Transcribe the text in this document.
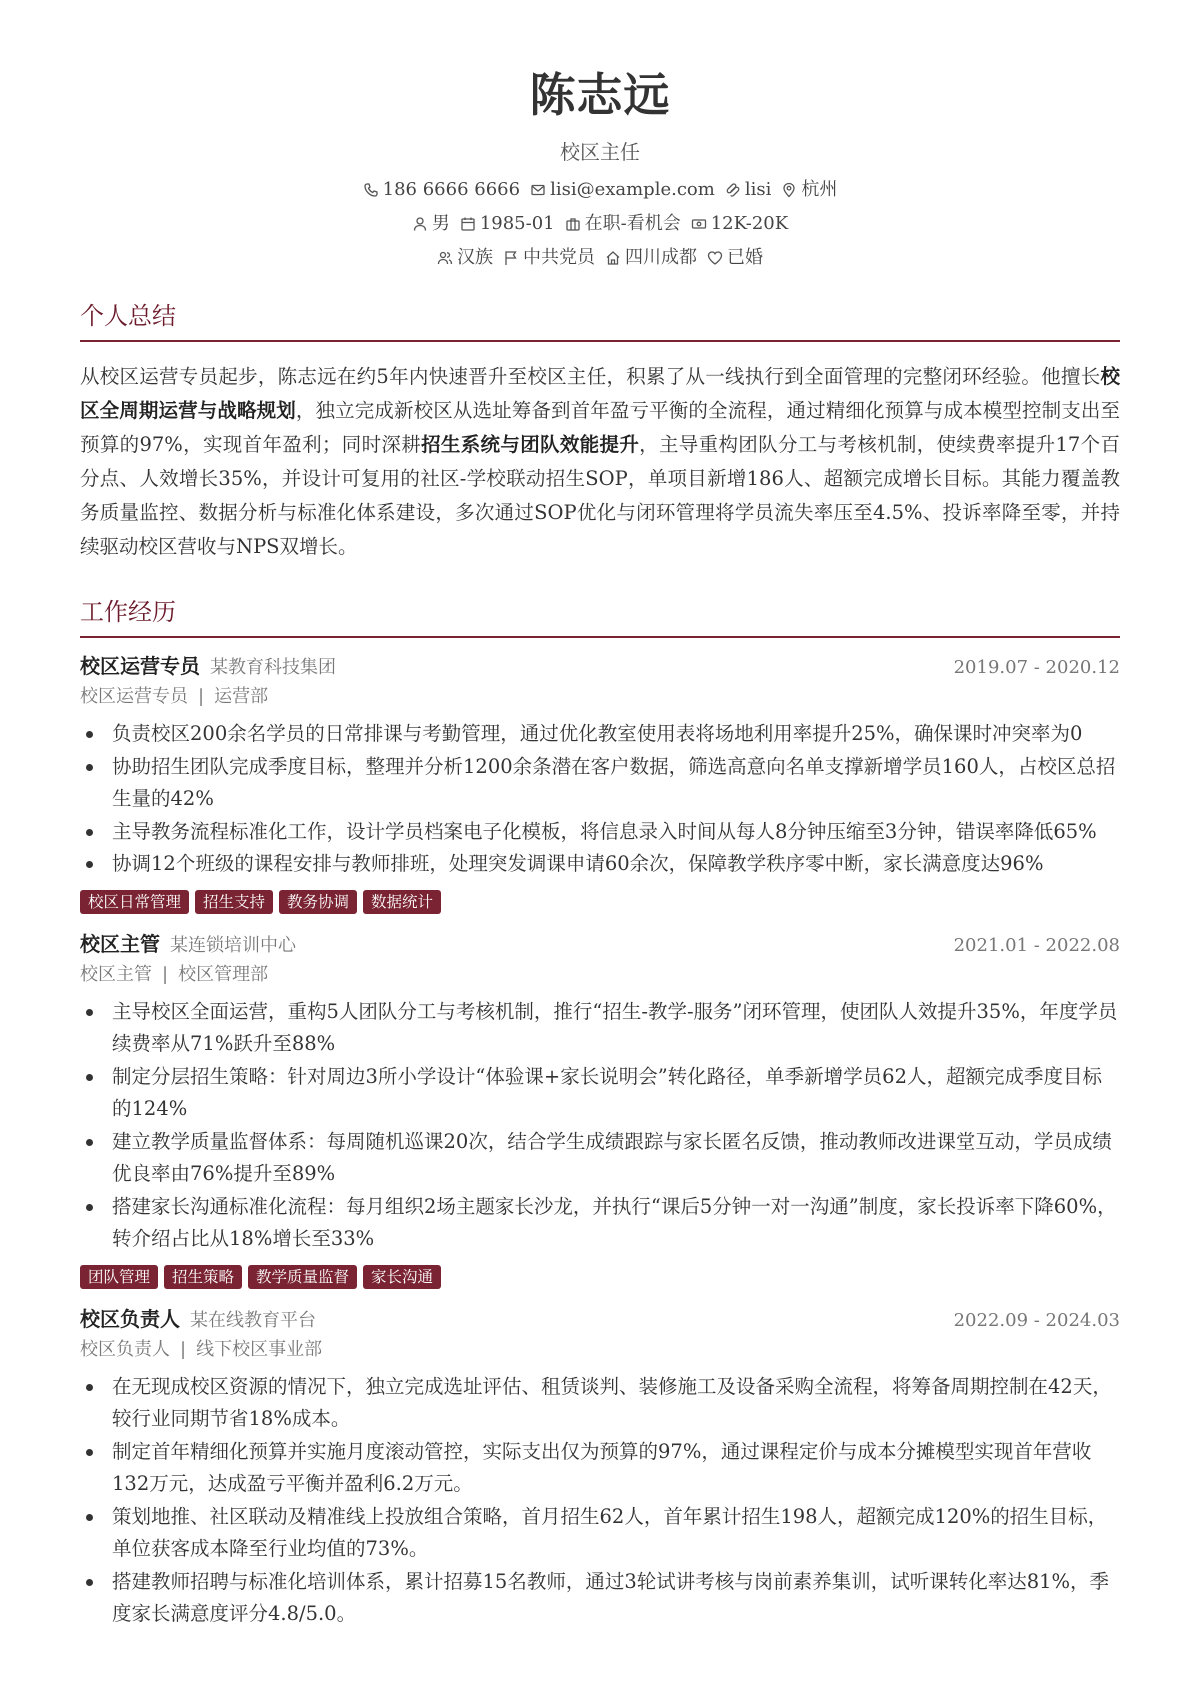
陈志远
校区主任
186 6666 6666 lisi@example.com lisi 杭州
男 1985-01 在职-看机会 12K-20K
汉族 中共党员 四川成都 已婚
个人总结
从校区运营专员起步，陈志远在约5年内快速晋升至校区主任，积累了从一线执行到全面管理的完整闭环经验。他擅长校区全周期运营与战略规划，独立完成新校区从选址筹备到首年盈亏平衡的全流程，通过精细化预算与成本模型控制支出至预算的97%，实现首年盈利；同时深耕招生系统与团队效能提升，主导重构团队分工与考核机制，使续费率提升17个百分点、人效增长35%，并设计可复用的社区-学校联动招生SOP，单项目新增186人、超额完成增长目标。其能力覆盖教务质量监控、数据分析与标准化体系建设，多次通过SOP优化与闭环管理将学员流失率压至4.5%、投诉率降至零，并持续驱动校区营收与NPS双增长。
工作经历
校区运营专员 某教育科技集团	2019.07 - 2020.12
校区运营专员 | 运营部
负责校区200余名学员的日常排课与考勤管理，通过优化教室使用表将场地利用率提升25%，确保课时冲突率为0
协助招生团队完成季度目标，整理并分析1200余条潜在客户数据，筛选高意向名单支撑新增学员160人，占校区总招生量的42%
主导教务流程标准化工作，设计学员档案电子化模板，将信息录入时间从每人8分钟压缩至3分钟，错误率降低65%
协调12个班级的课程安排与教师排班，处理突发调课申请60余次，保障教学秩序零中断，家长满意度达96%
校区日常管理	招生支持	教务协调	数据统计
校区主管 某连锁培训中心	2021.01 - 2022.08
校区主管 | 校区管理部
主导校区全面运营，重构5人团队分工与考核机制，推行“招生-教学-服务”闭环管理，使团队人效提升35%，年度学员续费率从71%跃升至88%
制定分层招生策略：针对周边3所小学设计“体验课+家长说明会”转化路径，单季新增学员62人，超额完成季度目标的124%
建立教学质量监督体系：每周随机巡课20次，结合学生成绩跟踪与家长匿名反馈，推动教师改进课堂互动，学员成绩优良率由76%提升至89%
搭建家长沟通标准化流程：每月组织2场主题家长沙龙，并执行“课后5分钟一对一沟通”制度，家长投诉率下降60%，转介绍占比从18%增长至33%
团队管理	招生策略	教学质量监督	家长沟通
校区负责人 某在线教育平台	2022.09 - 2024.03
校区负责人 | 线下校区事业部
在无现成校区资源的情况下，独立完成选址评估、租赁谈判、装修施工及设备采购全流程，将筹备周期控制在42天，较行业同期节省18%成本。
制定首年精细化预算并实施月度滚动管控，实际支出仅为预算的97%，通过课程定价与成本分摊模型实现首年营收132万元，达成盈亏平衡并盈利6.2万元。
策划地推、社区联动及精准线上投放组合策略，首月招生62人，首年累计招生198人，超额完成120%的招生目标，单位获客成本降至行业均值的73%。
搭建教师招聘与标准化培训体系，累计招募15名教师，通过3轮试讲考核与岗前素养集训，试听课转化率达81%，季度家长满意度评分4.8/5.0。
